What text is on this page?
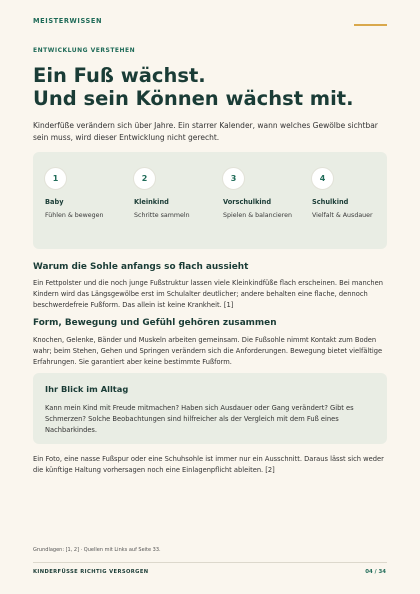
MEISTERWISSEN
ENTWICKLUNG VERSTEHEN
Ein Fuß wächst.
Und sein Können wächst mit.

Kinderfüße verändern sich über Jahre. Ein starrer Kalender, wann welches Gewölbe sichtbar sein muss, wird dieser Entwicklung nicht gerecht.

1
Baby
Fühlen & bewegen
2
Kleinkind
Schritte sammeln
3
Vorschulkind
Spielen & balancieren
4
Schulkind
Vielfalt & Ausdauer
Warum die Sohle anfangs so flach aussieht

Ein Fettpolster und die noch junge Fußstruktur lassen viele Kleinkindfüße flach erscheinen. Bei manchen Kindern wird das Längsgewölbe erst im Schulalter deutlicher; andere behalten eine flache, dennoch beschwerdefreie Fußform. Das allein ist keine Krankheit. [1]

Form, Bewegung und Gefühl gehören zusammen

Knochen, Gelenke, Bänder und Muskeln arbeiten gemeinsam. Die Fußsohle nimmt Kontakt zum Boden wahr; beim Stehen, Gehen und Springen verändern sich die Anforderungen. Bewegung bietet vielfältige Erfahrungen. Sie garantiert aber keine bestimmte Fußform.

Ihr Blick im Alltag
Kann mein Kind mit Freude mitmachen? Haben sich Ausdauer oder Gang verändert? Gibt es Schmerzen? Solche Beobachtungen sind hilfreicher als der Vergleich mit dem Fuß eines Nachbarkindes.

Ein Foto, eine nasse Fußspur oder eine Schuhsohle ist immer nur ein Ausschnitt. Daraus lässt sich weder die künftige Haltung vorhersagen noch eine Einlagenpflicht ableiten. [2]

Grundlagen: [1, 2] · Quellen mit Links auf Seite 33.
KINDERFÜSSE RICHTIG VERSORGEN	04 / 34
